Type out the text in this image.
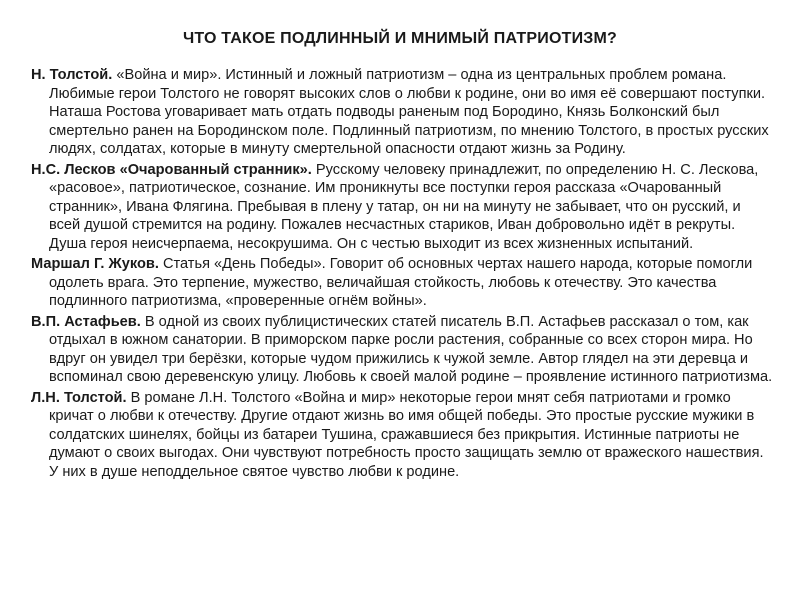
ЧТО ТАКОЕ ПОДЛИННЫЙ И МНИМЫЙ ПАТРИОТИЗМ?

Н. Толстой. «Война и мир». Истинный и ложный патриотизм – одна из центральных проблем романа. Любимые герои Толстого не говорят высоких слов о любви к родине, они во имя её совершают поступки. Наташа Ростова уговаривает мать отдать подводы раненым под Бородино, Князь Болконский был смертельно ранен на Бородинском поле. Подлинный патриотизм, по мнению Толстого, в простых русских людях, солдатах, которые в минуту смертельной опасности отдают жизнь за Родину.

Н.С. Лесков «Очарованный странник». Русскому человеку принадлежит, по определению Н. С. Лескова, «расовое», патриотическое, сознание. Им проникнуты все поступки героя рассказа «Очарованный странник», Ивана Флягина. Пребывая в плену у татар, он ни на минуту не забывает, что он русский, и всей душой стремится на родину. Пожалев несчастных стариков, Иван добровольно идёт в рекруты. Душа героя неисчерпаема, несокрушима. Он с честью выходит из всех жизненных испытаний.

Маршал Г. Жуков. Статья «День Победы». Говорит об основных чертах нашего народа, которые помогли одолеть врага. Это терпение, мужество, величайшая стойкость, любовь к отечеству. Это качества подлинного патриотизма, «проверенные огнём войны».

В.П. Астафьев. В одной из своих публицистических статей писатель В.П. Астафьев рассказал о том, как отдыхал в южном санатории. В приморском парке росли растения, собранные со всех сторон мира. Но вдруг он увидел три берёзки, которые чудом прижились к чужой земле. Автор глядел на эти деревца и вспоминал свою деревенскую улицу. Любовь к своей малой родине – проявление истинного патриотизма.

Л.Н. Толстой. В романе Л.Н. Толстого «Война и мир» некоторые герои мнят себя патриотами и громко кричат о любви к отечеству. Другие отдают жизнь во имя общей победы. Это простые русские мужики в солдатских шинелях, бойцы из батареи Тушина, сражавшиеся без прикрытия. Истинные патриоты не думают о своих выгодах. Они чувствуют потребность просто защищать землю от вражеского нашествия. У них в душе неподдельное святое чувство любви к родине.
